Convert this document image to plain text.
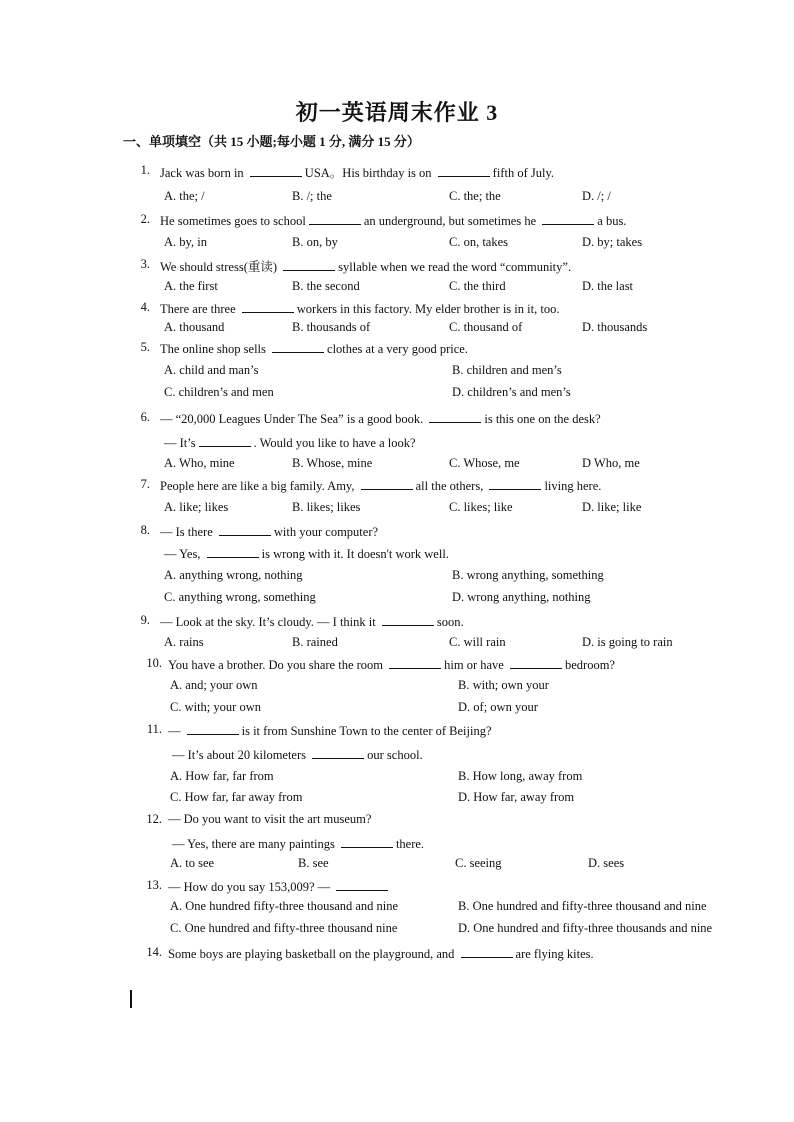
初一英语周末作业 3
一、单项填空（共 15 小题;每小题 1 分, 满分 15 分）
1. Jack was born in	USA。His birthday is on	fifth of July.
A. the; /	B. /; the	C. the; the	D. /; /
2. He sometimes goes to school	an underground, but sometimes he	a bus.
A. by, in	B. on, by	C. on, takes	D. by; takes
3. We should stress(重读)	syllable when we read the word “community”.
A. the first	B. the second	C. the third	D. the last
4. There are three	workers in this factory. My elder brother is in it, too.
A. thousand	B. thousands of	C. thousand of	D. thousands
5. The online shop sells	clothes at a very good price.
A. child and man’s	B. children and men’s
C. children’s and men	D. children’s and men’s
6. — “20,000 Leagues Under The Sea” is a good book.	is this one on the desk?
— It’s	. Would you like to have a look?
A. Who, mine	B. Whose, mine	C. Whose, me	D Who, me
7. People here are like a big family. Amy,	all the others,	living here.
A. like; likes	B. likes; likes	C. likes; like	D. like; like
8. — Is there	with your computer?
— Yes,	is wrong with it. It doesn't work well.
A. anything wrong, nothing	B. wrong anything, something
C. anything wrong, something	D. wrong anything, nothing
9. — Look at the sky. It’s cloudy. — I think it	soon.
A. rains	B. rained	C. will rain	D. is going to rain
10. You have a brother. Do you share the room	him or have	bedroom?
A. and; your own	B. with; own your
C. with; your own	D. of; own your
11. —	is it from Sunshine Town to the center of Beijing?
— It’s about 20 kilometers	our school.
A. How far, far from	B. How long, away from
C. How far, far away from	D. How far, away from
12. — Do you want to visit the art museum?
— Yes, there are many paintings	there.
A. to see	B. see	C. seeing	D. sees
13. — How do you say 153,009? —
A. One hundred fifty-three thousand and nine	B. One hundred and fifty-three thousand and nine
C. One hundred and fifty-three thousand nine	D. One hundred and fifty-three thousands and nine
14. Some boys are playing basketball on the playground, and	are flying kites.
